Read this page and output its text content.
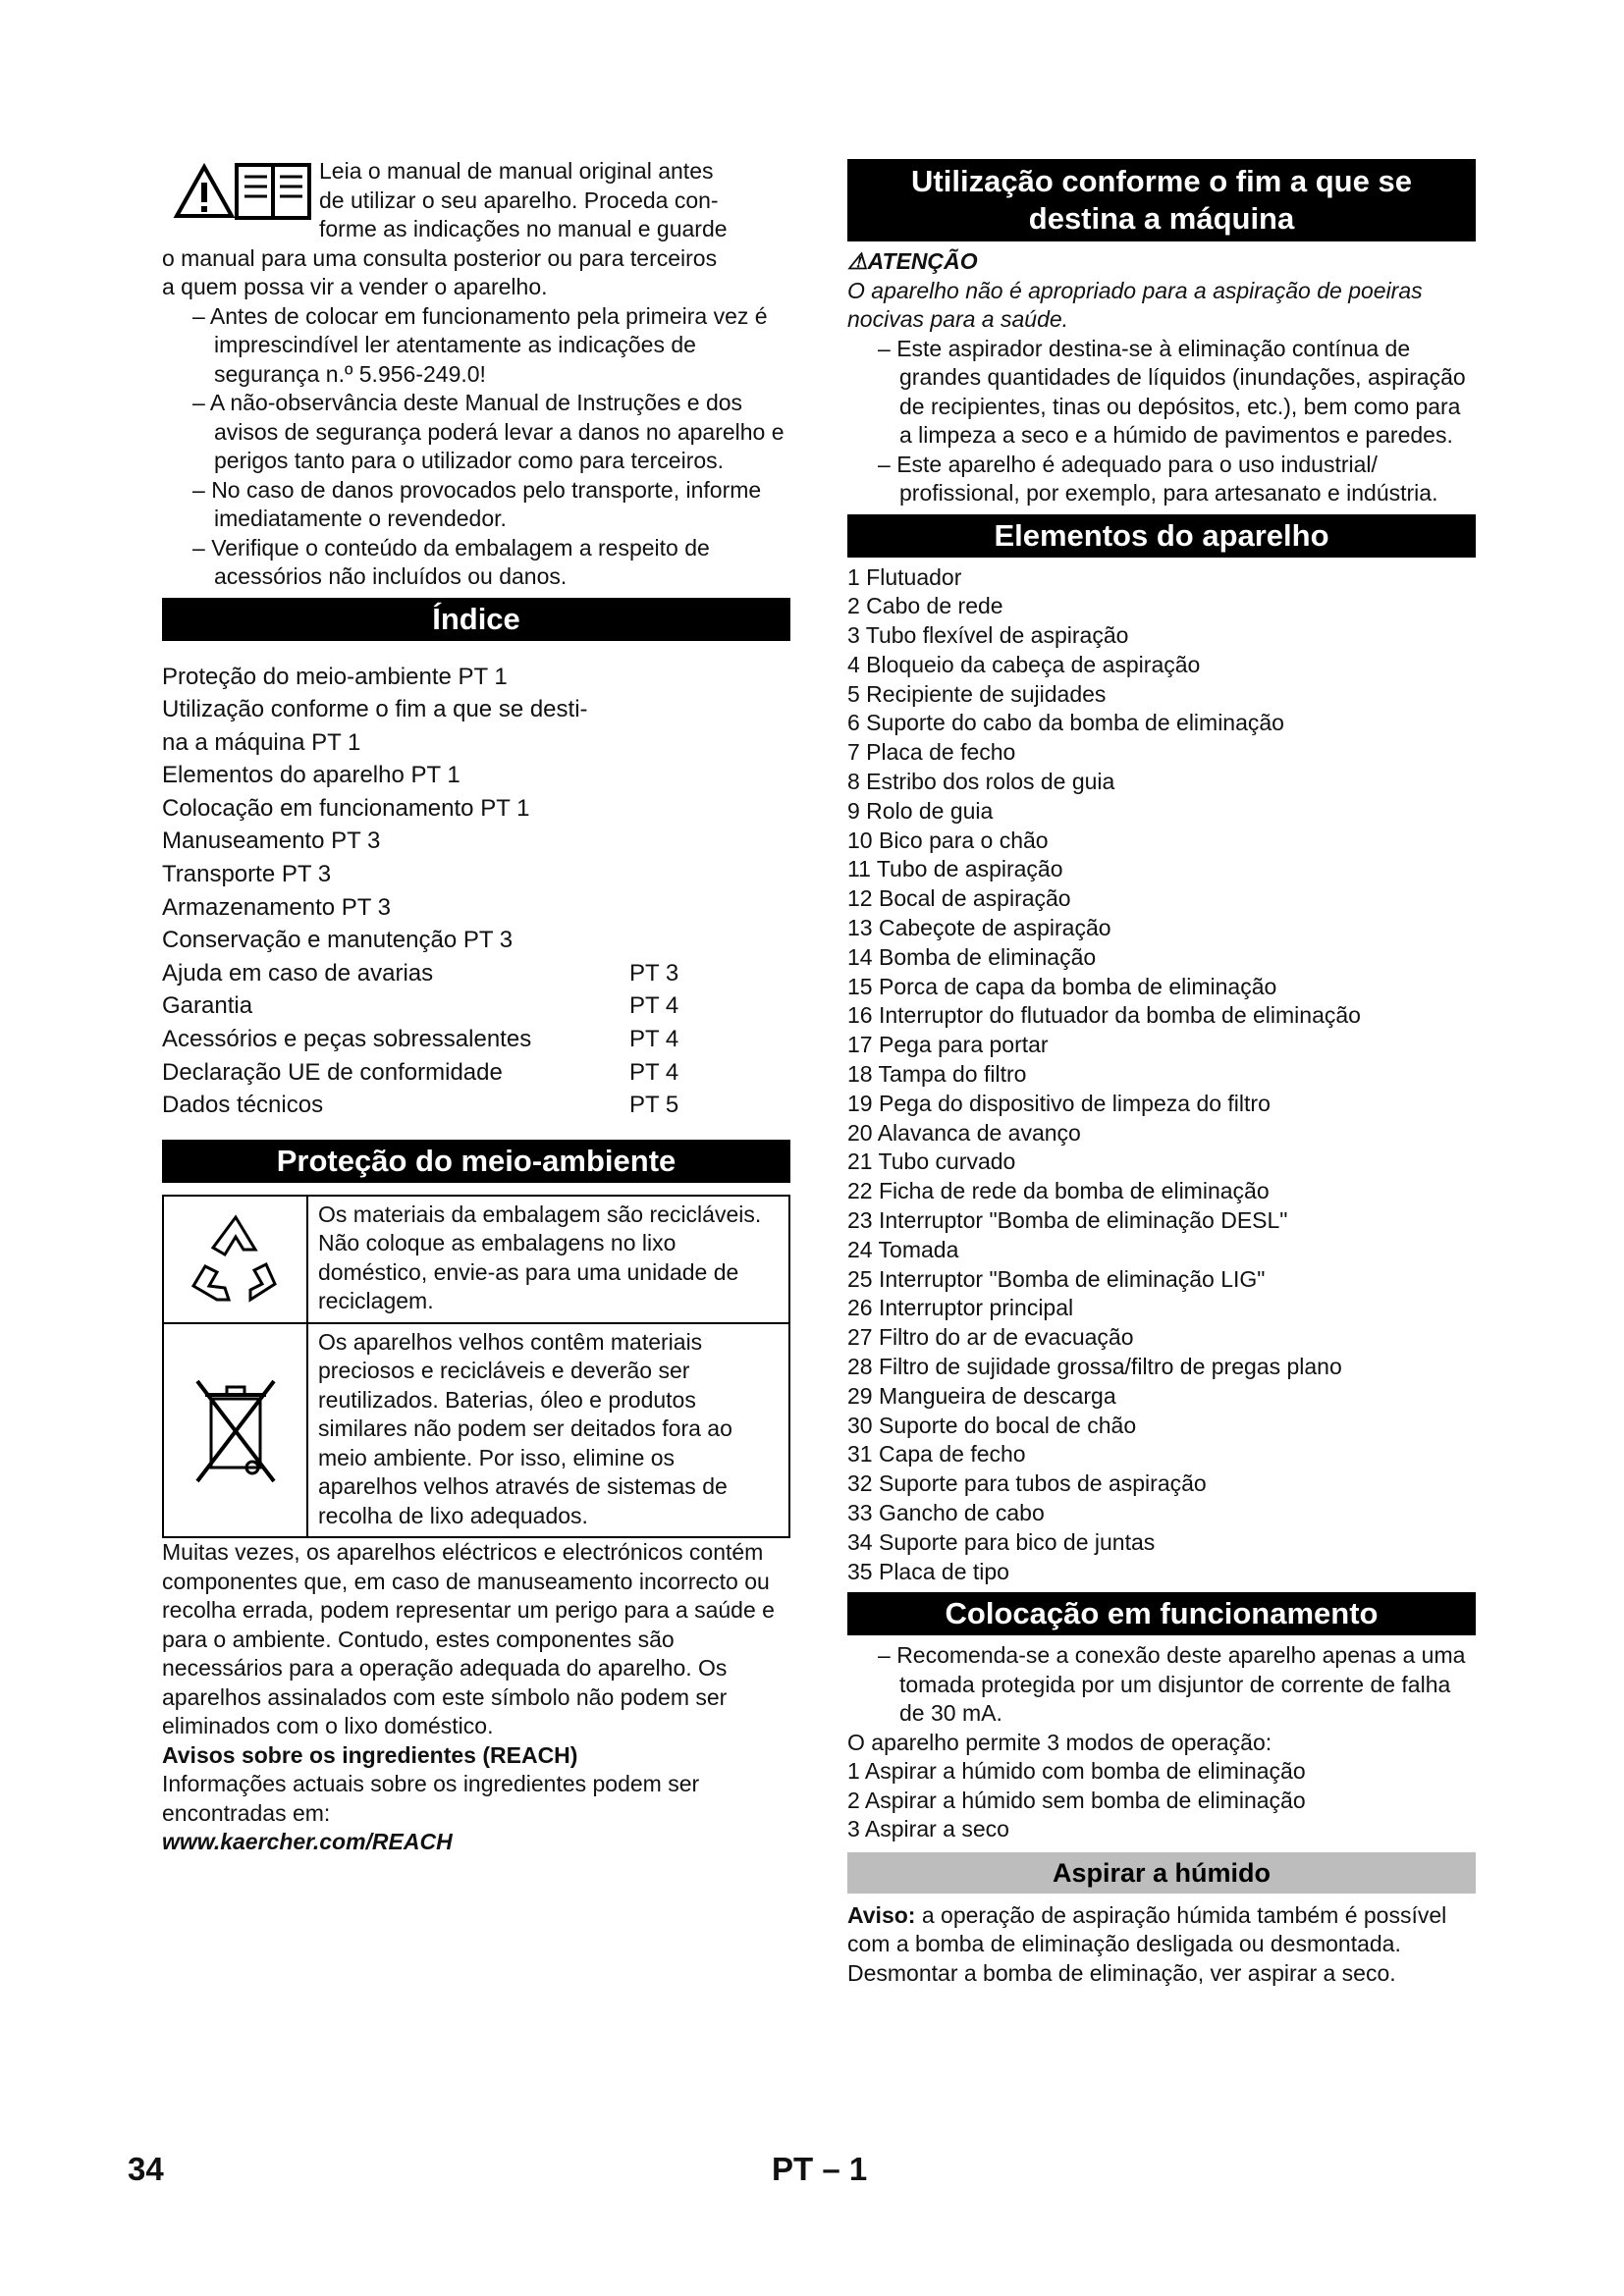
Leia o manual de manual original antes
de utilizar o seu aparelho. Proceda con-
forme as indicações no manual e guarde
o manual para uma consulta posterior ou para terceiros
a quem possa vir a vender o aparelho.
– Antes de colocar em funcionamento pela primeira vez é imprescindível ler atentamente as indicações de segurança n.º 5.956-249.0!
– A não-observância deste Manual de Instruções e dos avisos de segurança poderá levar a danos no aparelho e perigos tanto para o utilizador como para terceiros.
– No caso de danos provocados pelo transporte, informe imediatamente o revendedor.
– Verifique o conteúdo da embalagem a respeito de acessórios não incluídos ou danos.
Índice
Proteção do meio-ambiente PT 1
Utilização conforme o fim a que se desti-
na a máquina PT 1
Elementos do aparelho PT 1
Colocação em funcionamento PT 1
Manuseamento PT 3
Transporte PT 3
Armazenamento PT 3
Conservação e manutenção PT 3
Ajuda em caso de avarias	PT 3
Garantia	PT 4
Acessórios e peças sobressalentes	PT 4
Declaração UE de conformidade	PT 4
Dados técnicos	PT 5
Proteção do meio-ambiente
Os materiais da embalagem são recicláveis. Não coloque as embalagens no lixo doméstico, envie-as para uma unidade de reciclagem.
Os aparelhos velhos contêm materiais preciosos e recicláveis e deverão ser reutilizados. Baterias, óleo e produtos similares não podem ser deitados fora ao meio ambiente. Por isso, elimine os aparelhos velhos através de sistemas de recolha de lixo adequados.
Muitas vezes, os aparelhos eléctricos e electrónicos contém componentes que, em caso de manuseamento incorrecto ou recolha errada, podem representar um perigo para a saúde e para o ambiente. Contudo, estes componentes são necessários para a operação adequada do aparelho. Os aparelhos assinalados com este símbolo não podem ser eliminados com o lixo doméstico.
Avisos sobre os ingredientes (REACH)
Informações actuais sobre os ingredientes podem ser encontradas em:
www.kaercher.com/REACH
Utilização conforme o fim a que se
destina a máquina
⚠ATENÇÃO
O aparelho não é apropriado para a aspiração de poeiras nocivas para a saúde.
– Este aspirador destina-se à eliminação contínua de grandes quantidades de líquidos (inundações, aspiração de recipientes, tinas ou depósitos, etc.), bem como para a limpeza a seco e a húmido de pavimentos e paredes.
– Este aparelho é adequado para o uso industrial/ profissional, por exemplo, para artesanato e indústria.
Elementos do aparelho
1 Flutuador
2 Cabo de rede
3 Tubo flexível de aspiração
4 Bloqueio da cabeça de aspiração
5 Recipiente de sujidades
6 Suporte do cabo da bomba de eliminação
7 Placa de fecho
8 Estribo dos rolos de guia
9 Rolo de guia
10 Bico para o chão
11 Tubo de aspiração
12 Bocal de aspiração
13 Cabeçote de aspiração
14 Bomba de eliminação
15 Porca de capa da bomba de eliminação
16 Interruptor do flutuador da bomba de eliminação
17 Pega para portar
18 Tampa do filtro
19 Pega do dispositivo de limpeza do filtro
20 Alavanca de avanço
21 Tubo curvado
22 Ficha de rede da bomba de eliminação
23 Interruptor "Bomba de eliminação DESL"
24 Tomada
25 Interruptor "Bomba de eliminação LIG"
26 Interruptor principal
27 Filtro do ar de evacuação
28 Filtro de sujidade grossa/filtro de pregas plano
29 Mangueira de descarga
30 Suporte do bocal de chão
31 Capa de fecho
32 Suporte para tubos de aspiração
33 Gancho de cabo
34 Suporte para bico de juntas
35 Placa de tipo
Colocação em funcionamento
– Recomenda-se a conexão deste aparelho apenas a uma tomada protegida por um disjuntor de corrente de falha de 30 mA.
O aparelho permite 3 modos de operação:
1 Aspirar a húmido com bomba de eliminação
2 Aspirar a húmido sem bomba de eliminação
3 Aspirar a seco
Aspirar a húmido
Aviso: a operação de aspiração húmida também é possível com a bomba de eliminação desligada ou desmontada. Desmontar a bomba de eliminação, ver aspirar a seco.
34	PT – 1
